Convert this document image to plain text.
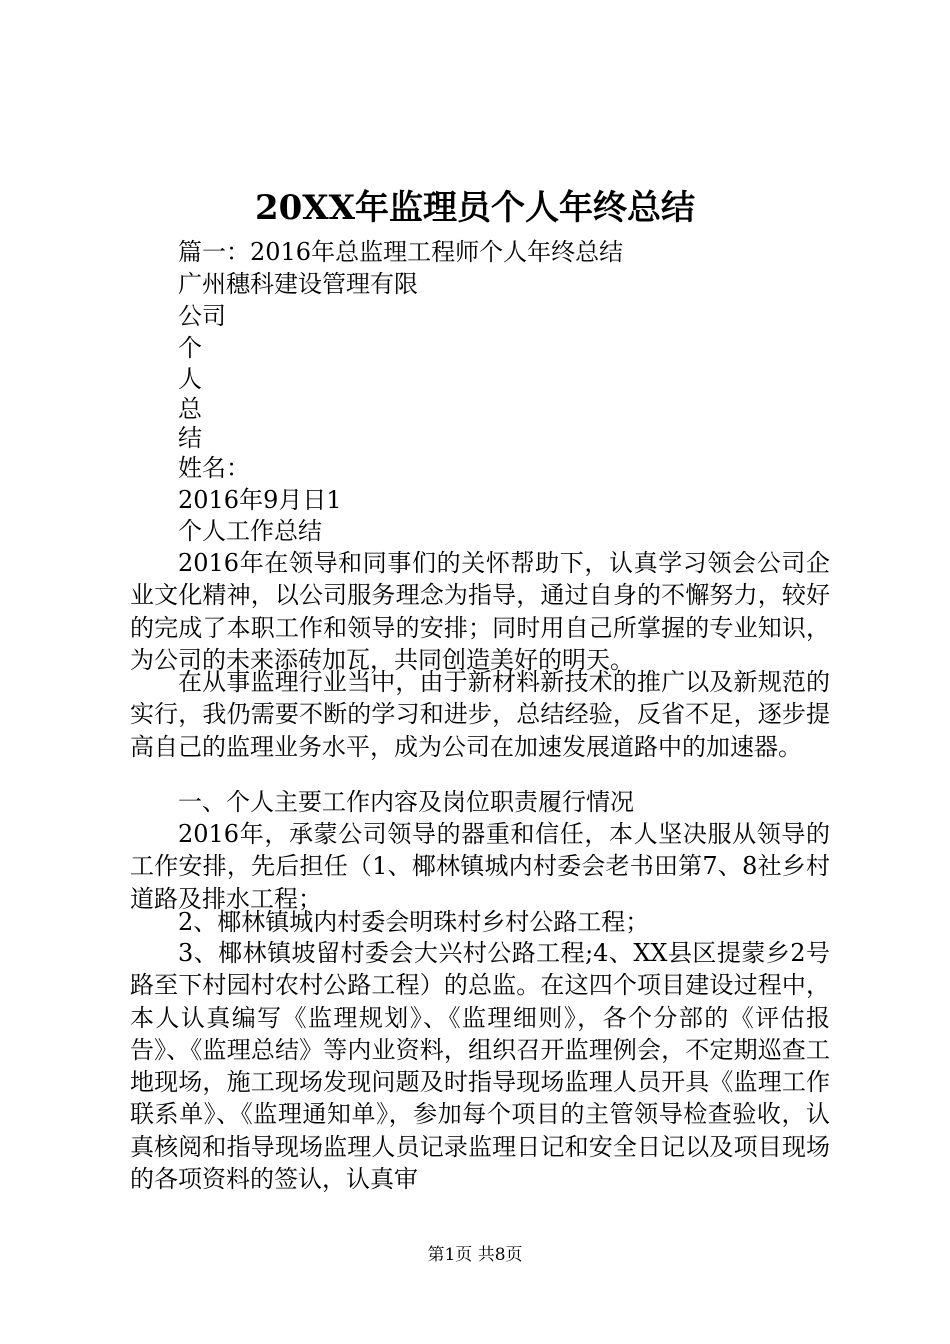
20XX年监理员个人年终总结
篇一：2016年总监理工程师个人年终总结
广州穗科建设管理有限
公司
个
人
总
结
姓名：
2016年9月日1
个人工作总结
2016年在领导和同事们的关怀帮助下，认真学习领会公司企业文化精神，以公司服务理念为指导，通过自身的不懈努力，较好的完成了本职工作和领导的安排；同时用自己所掌握的专业知识，为公司的未来添砖加瓦，共同创造美好的明天。
在从事监理行业当中，由于新材料新技术的推广以及新规范的实行，我仍需要不断的学习和进步，总结经验，反省不足，逐步提高自己的监理业务水平，成为公司在加速发展道路中的加速器。
一、个人主要工作内容及岗位职责履行情况
2016年，承蒙公司领导的器重和信任，本人坚决服从领导的工作安排，先后担任（1、椰林镇城内村委会老书田第7、8社乡村道路及排水工程；
2、椰林镇城内村委会明珠村乡村公路工程；
3、椰林镇坡留村委会大兴村公路工程;4、XX县区提蒙乡2号路至下村园村农村公路工程）的总监。在这四个项目建设过程中，本人认真编写《监理规划》、《监理细则》，各个分部的《评估报告》、《监理总结》等内业资料，组织召开监理例会，不定期巡查工地现场，施工现场发现问题及时指导现场监理人员开具《监理工作联系单》、《监理通知单》，参加每个项目的主管领导检查验收，认真核阅和指导现场监理人员记录监理日记和安全日记以及项目现场的各项资料的签认，认真审
第1页 共8页
